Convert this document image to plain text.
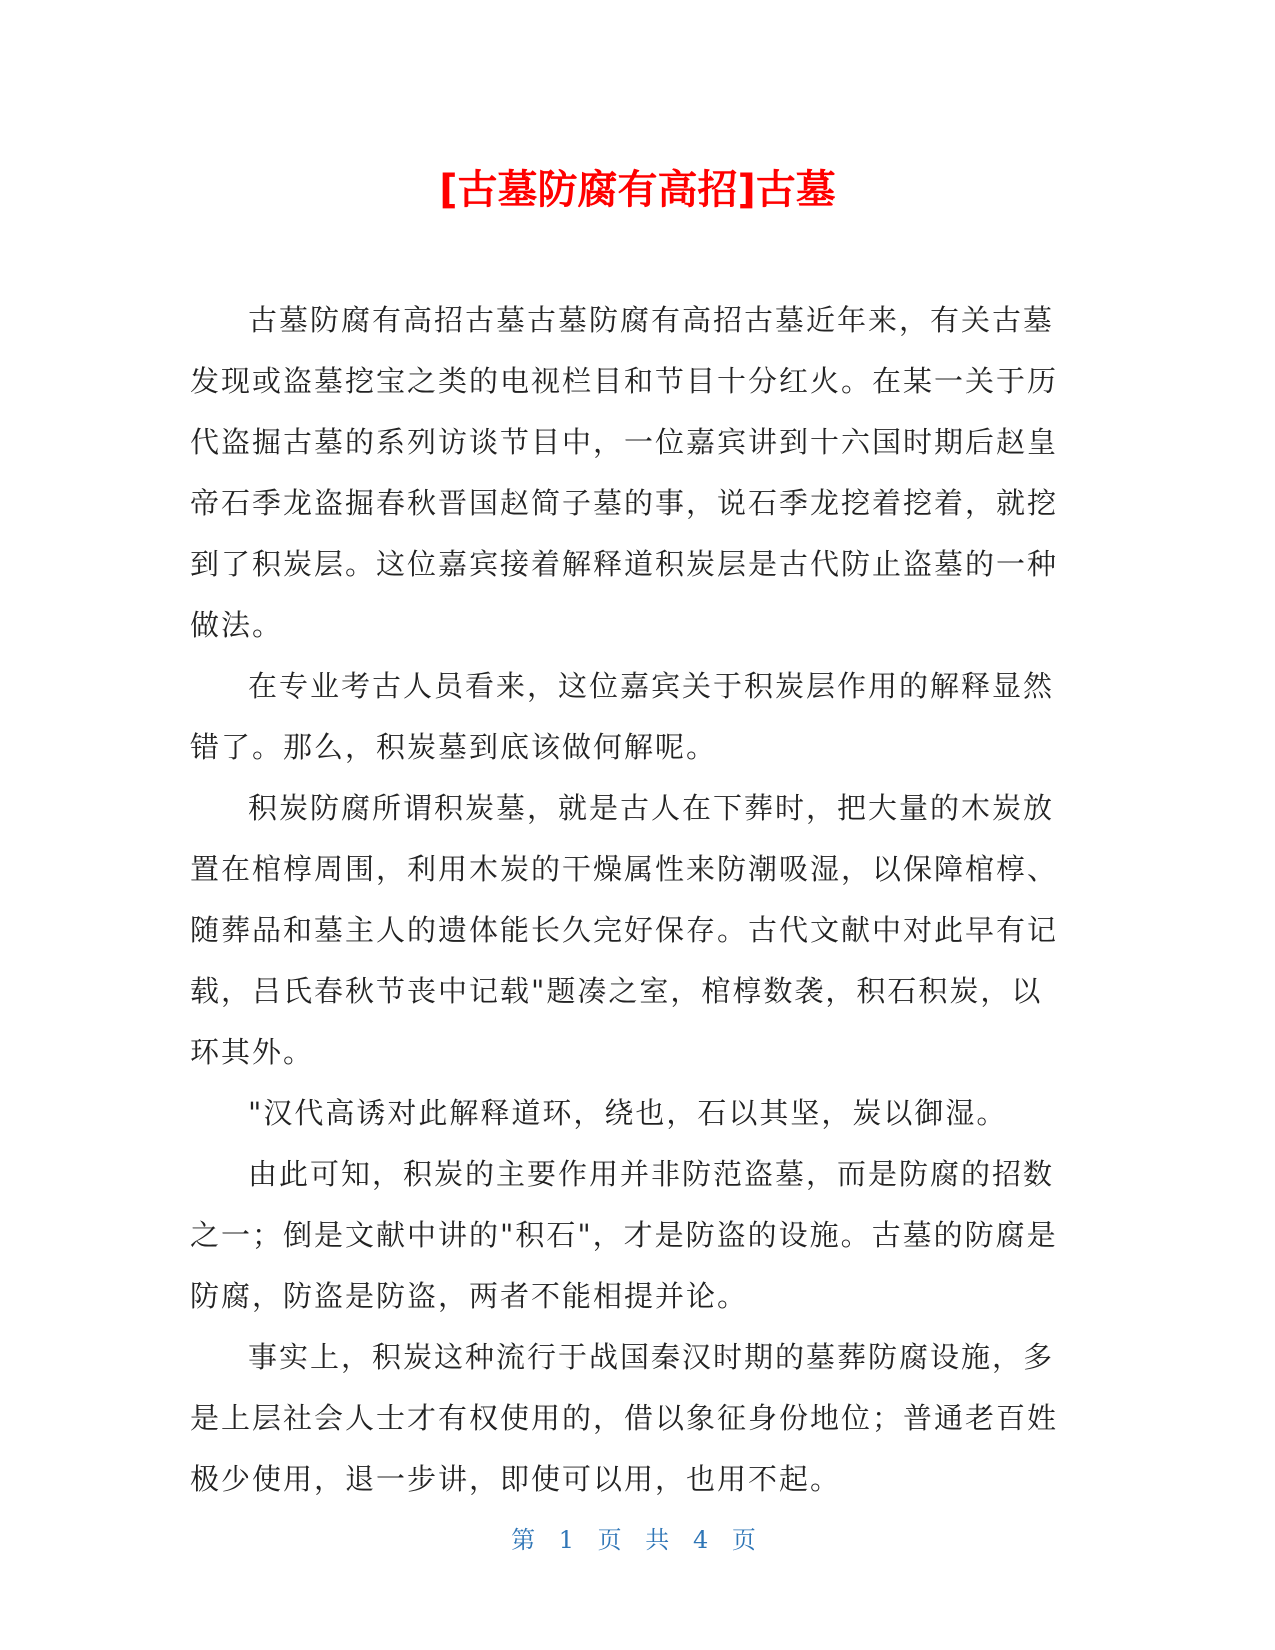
[古墓防腐有高招]古墓

古墓防腐有高招古墓古墓防腐有高招古墓近年来，有关古墓发现或盗墓挖宝之类的电视栏目和节目十分红火。在某一关于历代盗掘古墓的系列访谈节目中，一位嘉宾讲到十六国时期后赵皇帝石季龙盗掘春秋晋国赵简子墓的事，说石季龙挖着挖着，就挖到了积炭层。这位嘉宾接着解释道积炭层是古代防止盗墓的一种做法。

在专业考古人员看来，这位嘉宾关于积炭层作用的解释显然错了。那么，积炭墓到底该做何解呢。

积炭防腐所谓积炭墓，就是古人在下葬时，把大量的木炭放置在棺椁周围，利用木炭的干燥属性来防潮吸湿，以保障棺椁、随葬品和墓主人的遗体能长久完好保存。古代文献中对此早有记载，吕氏春秋节丧中记载"题凑之室，棺椁数袭，积石积炭，以环其外。

"汉代高诱对此解释道环，绕也，石以其坚，炭以御湿。

由此可知，积炭的主要作用并非防范盗墓，而是防腐的招数之一；倒是文献中讲的"积石"，才是防盗的设施。古墓的防腐是防腐，防盗是防盗，两者不能相提并论。

事实上，积炭这种流行于战国秦汉时期的墓葬防腐设施，多是上层社会人士才有权使用的，借以象征身份地位；普通老百姓极少使用，退一步讲，即使可以用，也用不起。

第 1 页 共 4 页
